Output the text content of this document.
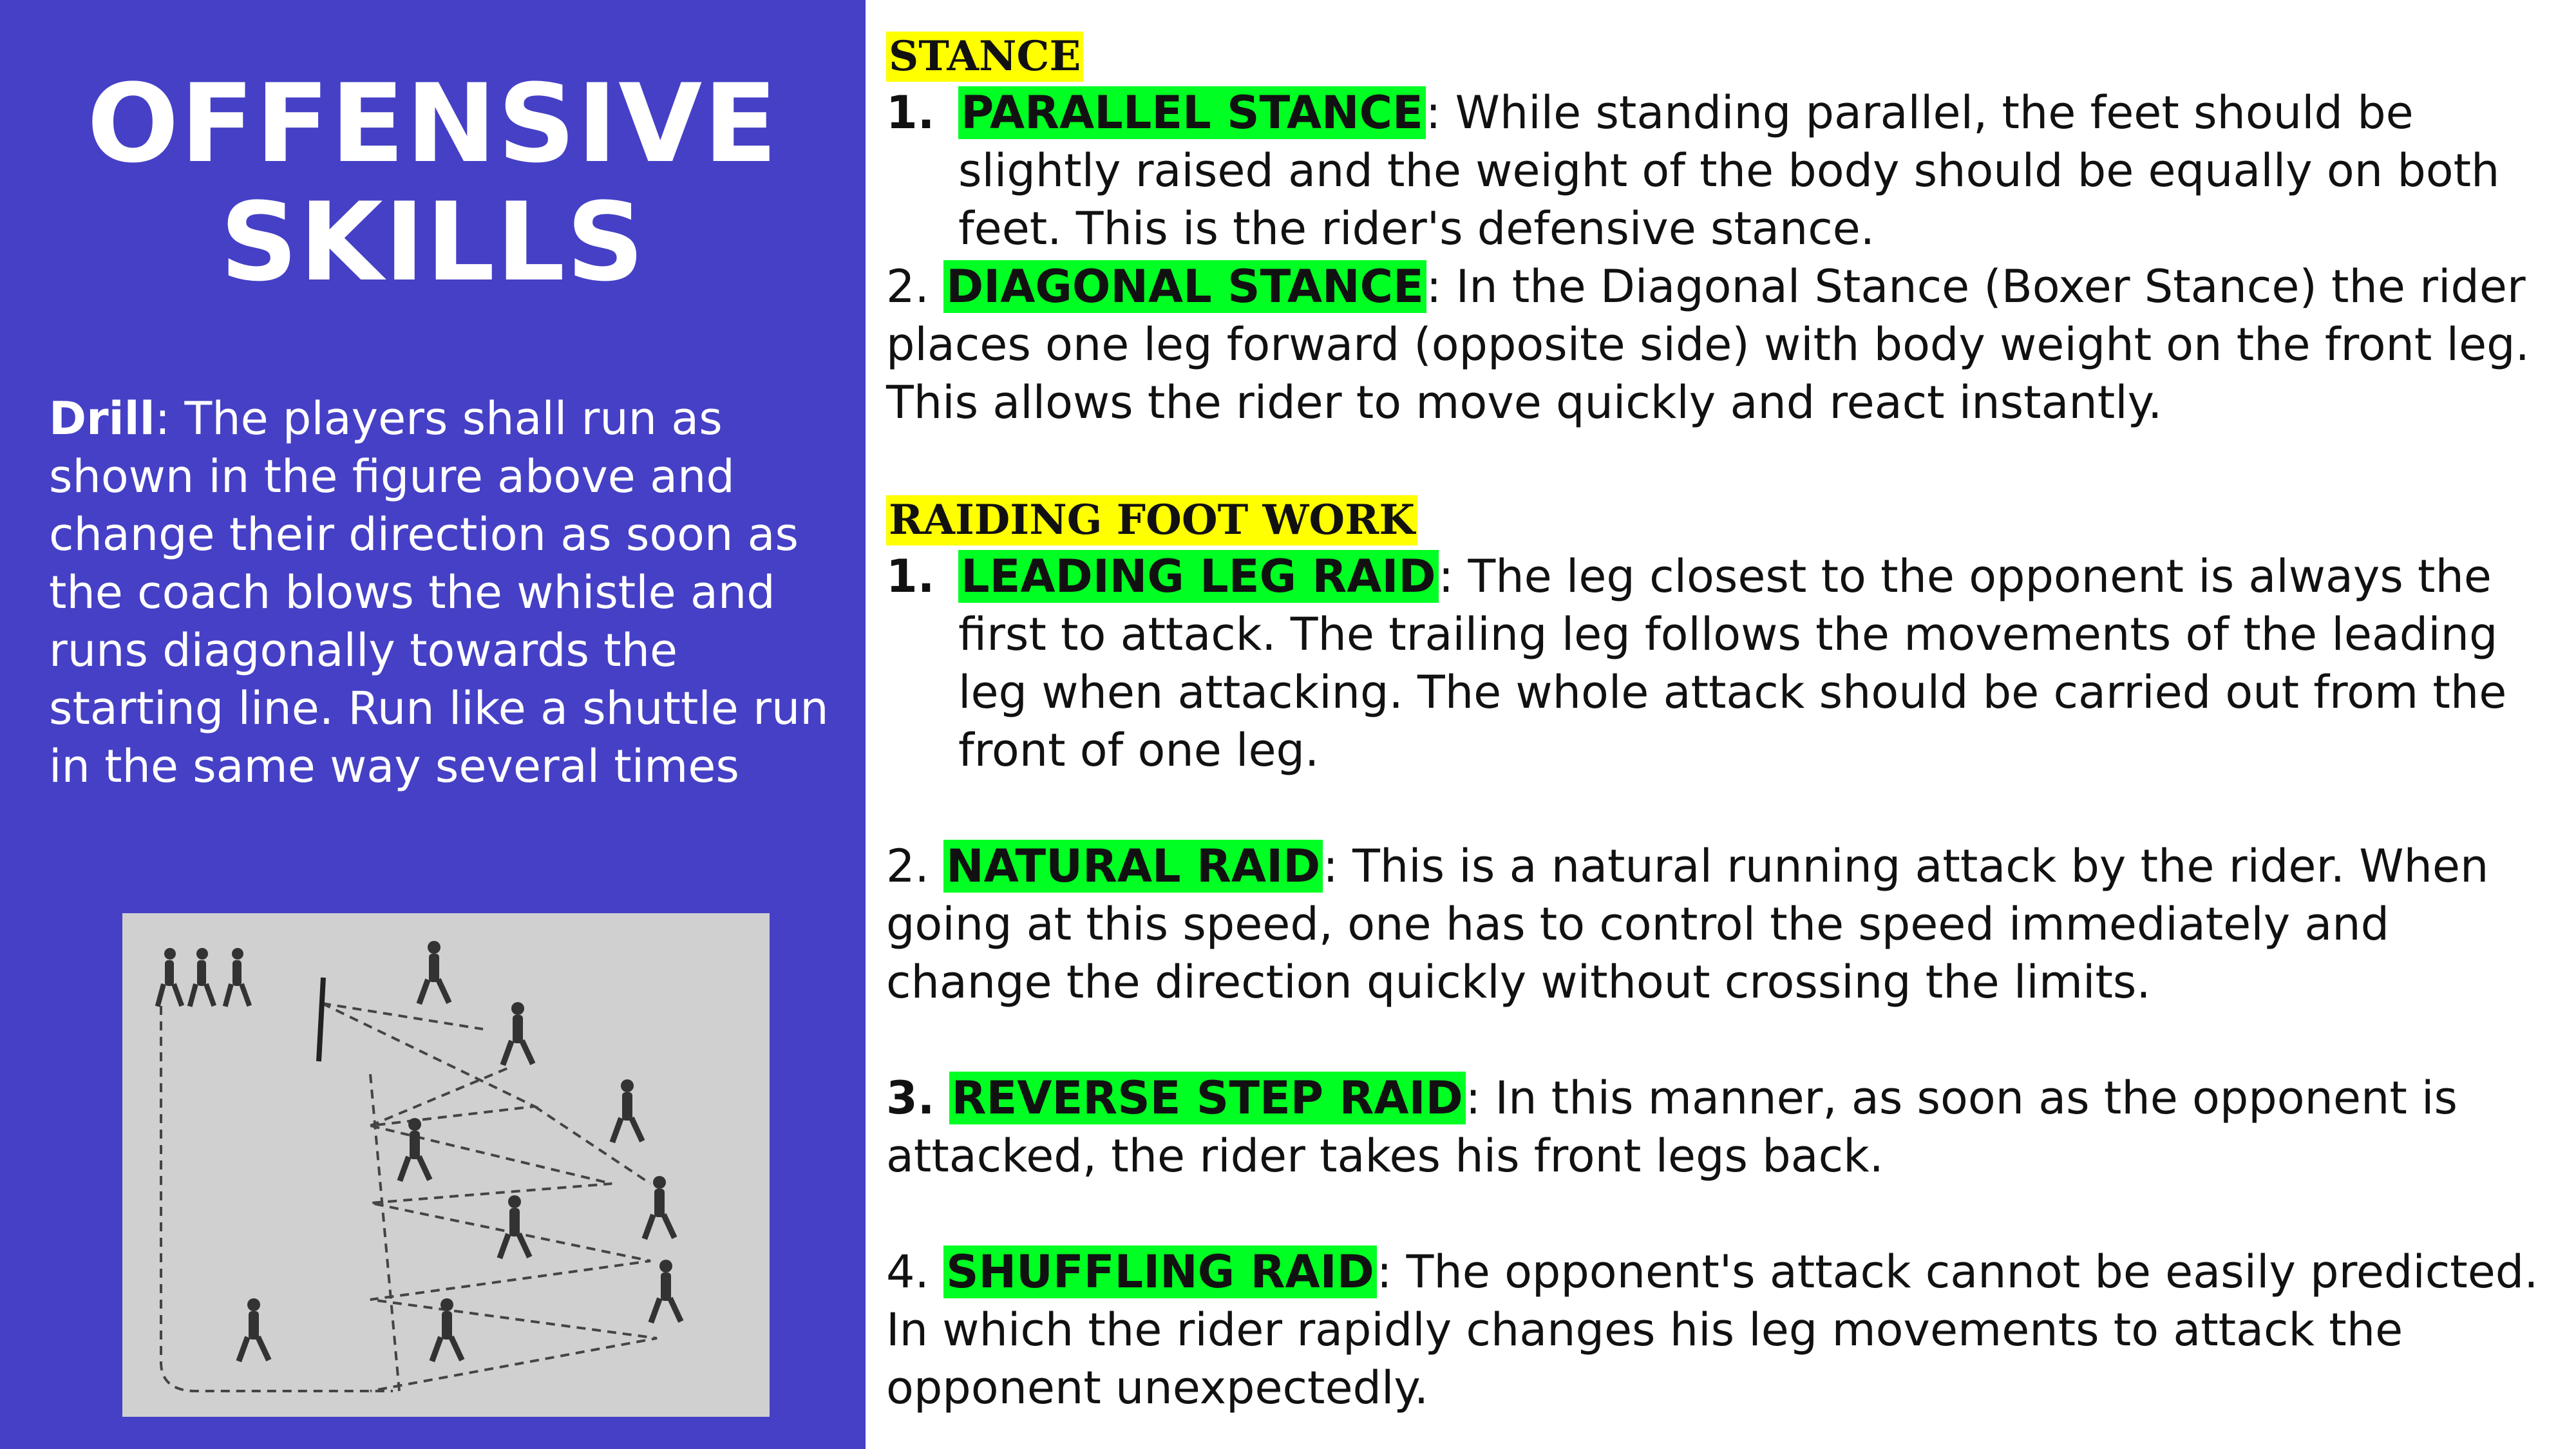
OFFENSIVE
SKILLS
Drill: The players shall run as shown in the figure above and change their direction as soon as the coach blows the whistle and runs diagonally towards the starting line. Run like a shuttle run in the same way several times
STANCE
1. PARALLEL STANCE: While standing parallel, the feet should be slightly raised and the weight of the body should be equally on both feet. This is the rider's defensive stance.
2. DIAGONAL STANCE: In the Diagonal Stance (Boxer Stance) the rider places one leg forward (opposite side) with body weight on the front leg. This allows the rider to move quickly and react instantly.
RAIDING FOOT WORK
1. LEADING LEG RAID: The leg closest to the opponent is always the first to attack. The trailing leg follows the movements of the leading leg when attacking. The whole attack should be carried out from the front of one leg.
2. NATURAL RAID: This is a natural running attack by the rider. When going at this speed, one has to control the speed immediately and change the direction quickly without crossing the limits.
3. REVERSE STEP RAID: In this manner, as soon as the opponent is attacked, the rider takes his front legs back.
4. SHUFFLING RAID: The opponent's attack cannot be easily predicted. In which the rider rapidly changes his leg movements to attack the opponent unexpectedly.
